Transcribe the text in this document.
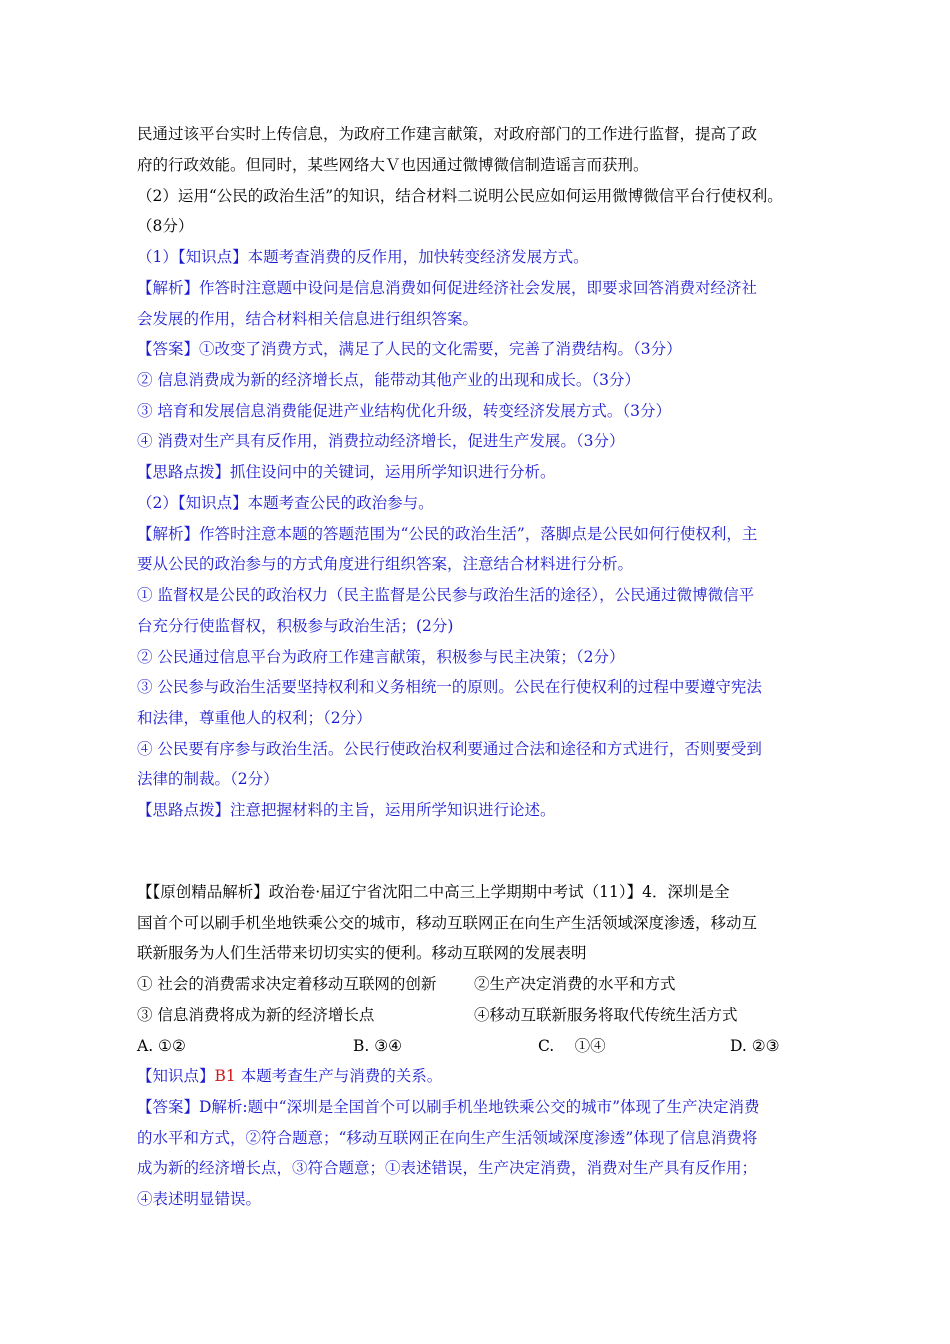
民通过该平台实时上传信息，为政府工作建言献策，对政府部门的工作进行监督，提高了政
府的行政效能。但同时，某些网络大Ｖ也因通过微博微信制造谣言而获刑。
（2）运用“公民的政治生活”的知识，结合材料二说明公民应如何运用微博微信平台行使权利。
（8分）
（1）【知识点】本题考查消费的反作用，加快转变经济发展方式。
【解析】作答时注意题中设问是信息消费如何促进经济社会发展，即要求回答消费对经济社
会发展的作用，结合材料相关信息进行组织答案。
【答案】①改变了消费方式，满足了人民的文化需要，完善了消费结构。（3分）
② 信息消费成为新的经济增长点，能带动其他产业的出现和成长。（3分）
③ 培育和发展信息消费能促进产业结构优化升级，转变经济发展方式。（3分）
④ 消费对生产具有反作用，消费拉动经济增长，促进生产发展。（3分）
【思路点拨】抓住设问中的关键词，运用所学知识进行分析。
（2）【知识点】本题考查公民的政治参与。
【解析】作答时注意本题的答题范围为“公民的政治生活”，落脚点是公民如何行使权利，主
要从公民的政治参与的方式角度进行组织答案，注意结合材料进行分析。
① 监督权是公民的政治权力（民主监督是公民参与政治生活的途径），公民通过微博微信平
台充分行使监督权，积极参与政治生活；(2分)
② 公民通过信息平台为政府工作建言献策，积极参与民主决策；（2分）
③ 公民参与政治生活要坚持权利和义务相统一的原则。公民在行使权利的过程中要遵守宪法
和法律，尊重他人的权利；（2分）
④ 公民要有序参与政治生活。公民行使政治权利要通过合法和途径和方式进行，否则要受到
法律的制裁。（2分）
【思路点拨】注意把握材料的主旨，运用所学知识进行论述。
【【原创精品解析】政治卷·届辽宁省沈阳二中高三上学期期中考试（11）】4．深圳是全
国首个可以刷手机坐地铁乘公交的城市，移动互联网正在向生产生活领域深度渗透，移动互
联新服务为人们生活带来切切实实的便利。移动互联网的发展表明
① 社会的消费需求决定着移动互联网的创新 ②生产决定消费的水平和方式
③ 信息消费将成为新的经济增长点	④移动互联新服务将取代传统生活方式
A. ①②	B. ③④	C.　 ①④	D. ②③
【知识点】B1 本题考查生产与消费的关系。
【答案】D解析:题中“深圳是全国首个可以刷手机坐地铁乘公交的城市”体现了生产决定消费
的水平和方式，②符合题意；“移动互联网正在向生产生活领域深度渗透”体现了信息消费将
成为新的经济增长点，③符合题意；①表述错误，生产决定消费，消费对生产具有反作用；
④表述明显错误。
